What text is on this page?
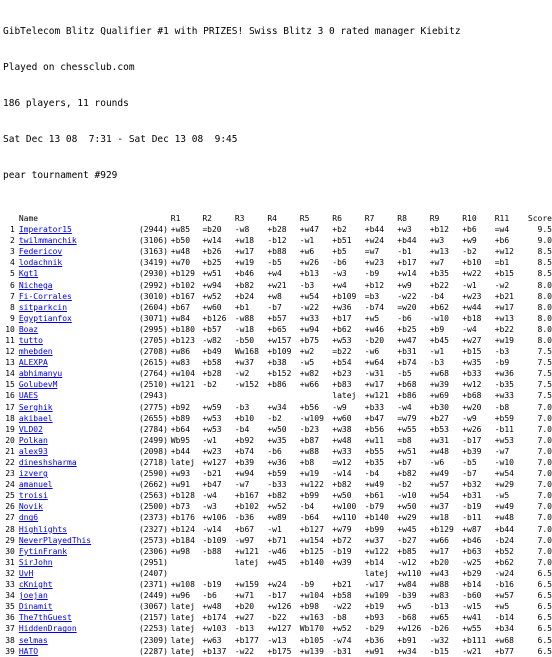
GibTelecom Blitz Qualifier #1 with PRIZES! Swiss Blitz 3 0 rated manager Kiebitz

Played on chessclub.com

186 players, 11 rounds

Sat Dec 13 08  7:31 - Sat Dec 13 08  9:45

pear tournament #929

	Name		R1	R2	R3	R4	R5	R6	R7	R8	R9	R10	R11	Score
1	Imperator15	(2944)	+w85	=b20	-w8	+b28	+w47	+b2	+b44	+w3	+b12	+b6	=w4	9.5
2	twilmmanchik	(3106)	+b50	+w14	+w18	-b12	-w1	+b51	+w24	+b44	+w3	+w9	+b6	9.0
3	Federicov	(3163)	+w48	+b26	+w17	+b88	+w6	+b5	=w7	-b1	+w13	-b2	+w12	8.5
4	lodachnik	(3419)	+w70	+b25	+w19	-b5	+w26	-b6	+w23	+b17	+w7	+b10	=b1	8.5
5	Kgt1	(2930)	+b129	+w51	+b46	+w4	+b13	-w3	-b9	+w14	+b35	+w22	+b15	8.5
6	Nichega	(2992)	+b102	+w94	+b82	+w21	-b3	+w4	+b12	+w9	+b22	-w1	-w2	8.0
7	Fi-Corrales	(3010)	+b167	+w52	+b24	+w8	+w54	+b109	=b3	-w22	-b4	+w23	+b21	8.0
8	sitparkcin	(2604)	+b67	+w60	+b1	-b7	-w22	+w36	-b74	=w20	+b62	+w44	+w17	8.0
9	Egyptianfox	(3071)	+w84	+b126	-w88	+b57	+w33	+b17	+w5	-b6	-w10	+b18	+w13	8.0
10	Boaz	(2995)	+b180	+b57	-w18	+b65	+w94	+b62	+w46	+b25	+b9	-w4	+b22	8.0
11	tutto	(2705)	+b123	-w82	-b50	+w157	+b75	+w53	-b20	+w47	+b45	+w27	+w19	8.0
12	mhebden	(2708)	+w86	+b49	Ww168	+b109	+w2	=b22	-w6	+b31	-w1	+b15	-b3	7.5
13	ALEXPA	(2615)	+w83	+b58	+w37	+b38	-w5	+b54	+w64	+b74	-b3	+w35	-b9	7.5
14	abhimanyu	(2764)	+w104	+b28	-w2	+b152	+w82	+b23	-w31	-b5	+w68	+b33	+w36	7.5
15	GolubevM	(2510)	+w121	-b2	-w152	+b86	+w66	+b83	+w17	+b68	+w39	+w12	-b35	7.5
16	UAES	(2943)						latej	+w121	+b86	+w69	+b68	+w33	7.5
17	Serghik	(2775)	+b92	+w59	-b3	+w34	+b56	-w9	+b33	-w4	+b30	+w20	-b8	7.0
18	akibael	(2655)	+b89	+w53	+b10	-b2	-w109	+w60	+b47	=w79	+b27	-w9	+b59	7.0
19	VLD02	(2784)	+b64	+w53	-b4	+w50	-b23	+w38	+b56	+w55	+b53	+w26	-b11	7.0
20	Polkan	(2499)	Wb95	-w1	+b92	+w35	+b87	+w48	+w11	=b8	+w31	-b17	+w53	7.0
21	alex93	(2098)	+b44	+w23	+b74	-b6	+w88	+w33	+b55	+w51	+w48	+b39	-w7	7.0
22	dineshsharma	(2718)	latej	+w127	+b39	+w36	+b8	=w12	+b35	+b7	-w6	-b5	-w10	7.0
23	izverg	(2590)	+w93	-b21	+w94	+b59	+w19	-w14	-b4	+b82	+w49	-b7	+w54	7.0
24	amanuel	(2662)	+w91	+b47	-w7	-b33	+w122	+b82	+w49	-b2	+w57	+b32	+w29	7.0
25	troisi	(2563)	+b128	-w4	+b167	+b82	+b99	+w50	+b61	-w10	+w54	+b31	-w5	7.0
26	Novik	(2500)	+b73	-w3	+b102	+w52	-b4	+w100	-b79	+w50	+w37	-b19	+w49	7.0
27	dng6	(2373)	+b176	+w106	-b36	+w89	-b64	+w110	+b140	+w29	+w18	-b11	+w48	7.0
28	Highlights	(2327)	+b124	-w14	+b67	-w1	+b127	+w79	+b99	+w45	+b129	+w87	+b44	7.0
29	NeverPlayedThis	(2573)	+b184	-b109	-w97	+b71	+w154	+b72	+w37	-b27	+w66	+b46	-b24	7.0
30	FytinFrank	(2306)	+w98	-b88	+w121	-w46	+b125	-b19	+w122	+b85	+w17	+b63	+b52	7.0
31	SirJohn	(2951)			latej	+w45	+b140	+w39	+b14	-w12	+b20	-w25	+b62	7.0
32	UvH	(2407)							latej	+w110	+w43	+b29	-w24	6.5
33	cKnight	(2371)	+w108	-b19	+w159	+w24	-b9	+b21	-w17	+w84	+w88	+b14	-b16	6.5
34	joejan	(2449)	+w96	-b6	+w71	-b17	+w104	+b58	+w109	-b39	+w83	-b60	+w57	6.5
35	Dinamit	(3067)	latej	+w48	+b20	+w126	+b98	-w22	+b19	+w5	-b13	-w15	+w5	6.5
36	The7thGuest	(2157)	latej	+b174	+w27	-b22	+w163	-b8	+b93	-b68	+w65	+w41	-b14	6.5
37	HiddenDragon	(2253)	latej	+w103	-b13	+w127	Wb170	+w52	-b29	+w126	-b26	+w55	+b34	6.5
38	selmas	(2309)	latej	+w63	+b177	-w13	+b105	-w74	+b36	+b91	-w32	+b111	+w68	6.5
39	HATO	(2287)	latej	+b137	-w22	+b175	+w139	-b31	+w91	+w34	-b15	-w21	+b77	6.5
